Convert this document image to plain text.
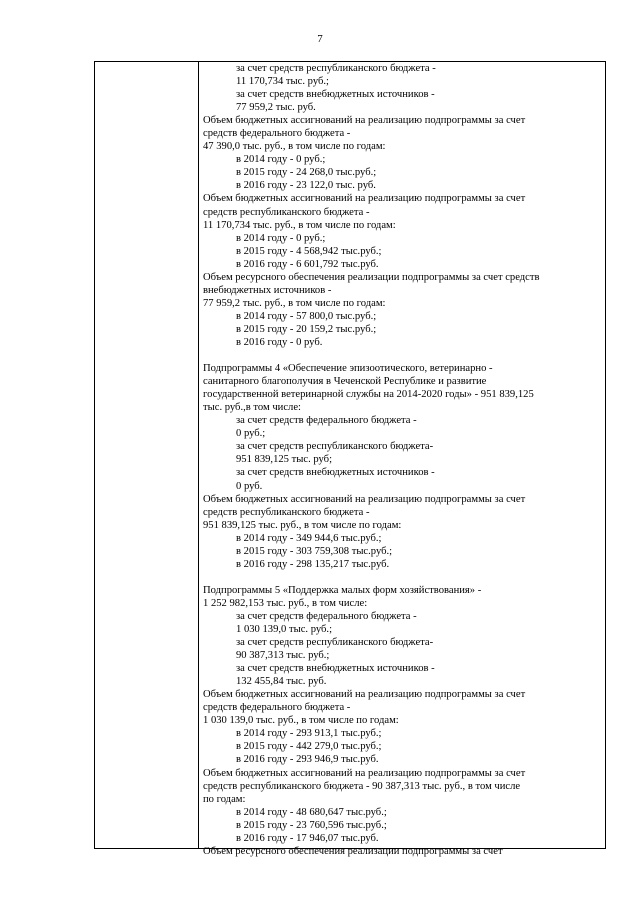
7
за счет средств республиканского бюджета -
11 170,734 тыс. руб.;
за счет средств внебюджетных источников -
77 959,2 тыс. руб.
Объем бюджетных ассигнований на реализацию подпрограммы за счет
средств федерального бюджета -
47 390,0 тыс. руб., в том числе по годам:
в 2014 году - 0 руб.;
в 2015 году - 24 268,0 тыс.руб.;
в 2016 году - 23 122,0 тыс. руб.
Объем бюджетных ассигнований на реализацию подпрограммы за счет
средств республиканского бюджета -
11 170,734 тыс. руб., в том числе по годам:
в 2014 году - 0 руб.;
в 2015 году - 4 568,942 тыс.руб.;
в 2016 году - 6 601,792 тыс.руб.
Объем ресурсного обеспечения реализации подпрограммы за счет средств
внебюджетных источников -
77 959,2 тыс. руб., в том числе по годам:
в 2014 году - 57 800,0 тыс.руб.;
в 2015 году - 20 159,2 тыс.руб.;
в 2016 году - 0 руб.
Подпрограммы 4 «Обеспечение эпизоотического, ветеринарно -
санитарного благополучия в Чеченской Республике и развитие
государственной ветеринарной службы на 2014-2020 годы» - 951 839,125
тыс. руб.,в том числе:
за счет средств федерального бюджета -
0 руб.;
за счет средств республиканского бюджета-
951 839,125 тыс. руб;
за счет средств внебюджетных источников -
0 руб.
Объем бюджетных ассигнований на реализацию подпрограммы за счет
средств республиканского бюджета -
951 839,125 тыс. руб., в том числе по годам:
в 2014 году - 349 944,6 тыс.руб.;
в 2015 году - 303 759,308 тыс.руб.;
в 2016 году - 298 135,217 тыс.руб.
Подпрограммы 5 «Поддержка малых форм хозяйствования» -
1 252 982,153 тыс. руб., в том числе:
за счет средств федерального бюджета -
1 030 139,0 тыс. руб.;
за счет средств республиканского бюджета-
90 387,313 тыс. руб.;
за счет средств внебюджетных источников -
132 455,84 тыс. руб.
Объем бюджетных ассигнований на реализацию подпрограммы за счет
средств федерального бюджета -
1 030 139,0 тыс. руб., в том числе по годам:
в 2014 году - 293 913,1 тыс.руб.;
в 2015 году - 442 279,0 тыс.руб.;
в 2016 году - 293 946,9 тыс.руб.
Объем бюджетных ассигнований на реализацию подпрограммы за счет
средств республиканского бюджета - 90 387,313 тыс. руб., в том числе
по годам:
в 2014 году - 48 680,647 тыс.руб.;
в 2015 году - 23 760,596 тыс.руб.;
в 2016 году - 17 946,07 тыс.руб.
Объем ресурсного обеспечения реализации подпрограммы за счет
